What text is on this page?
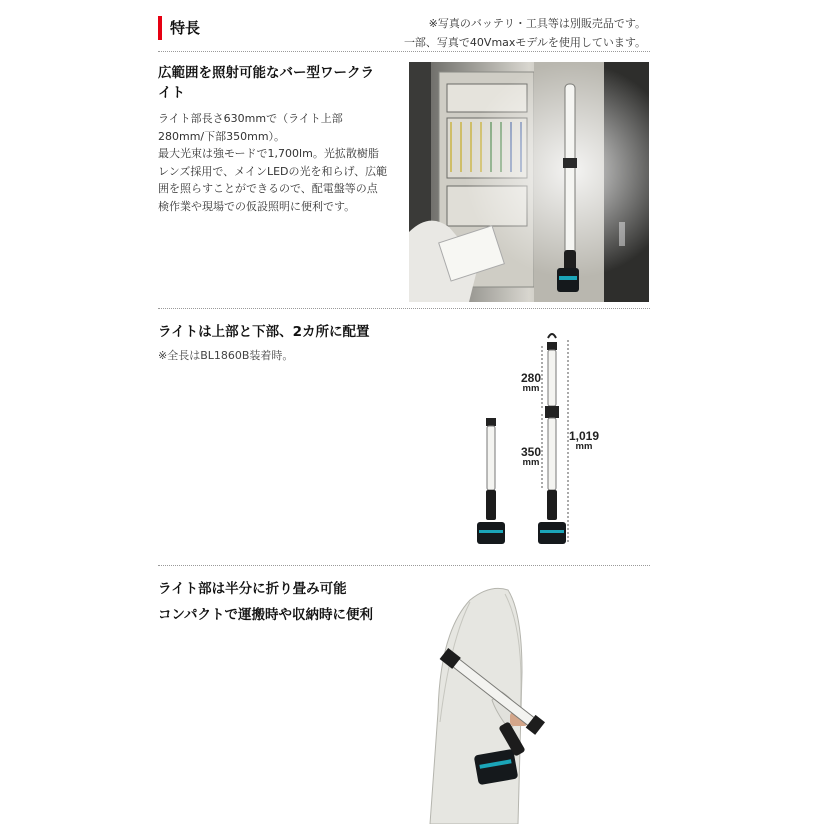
特長	※写真のバッテリ・工具等は別販売品です。
一部、写真で40Vmaxモデルを使用しています。
広範囲を照射可能なバー型ワークラ
イト
ライト部長さ630mmで（ライト上部
280mm/下部350mm）。
最大光束は強モードで1,700lm。光拡散樹脂
レンズ採用で、メインLEDの光を和らげ、広範
囲を照らすことができるので、配電盤等の点
検作業や現場での仮設照明に便利です。
ライトは上部と下部、2カ所に配置
※全長はBL1860B装着時。
280
mm
350
mm
1,019
mm
ライト部は半分に折り畳み可能
コンパクトで運搬時や収納時に便利
